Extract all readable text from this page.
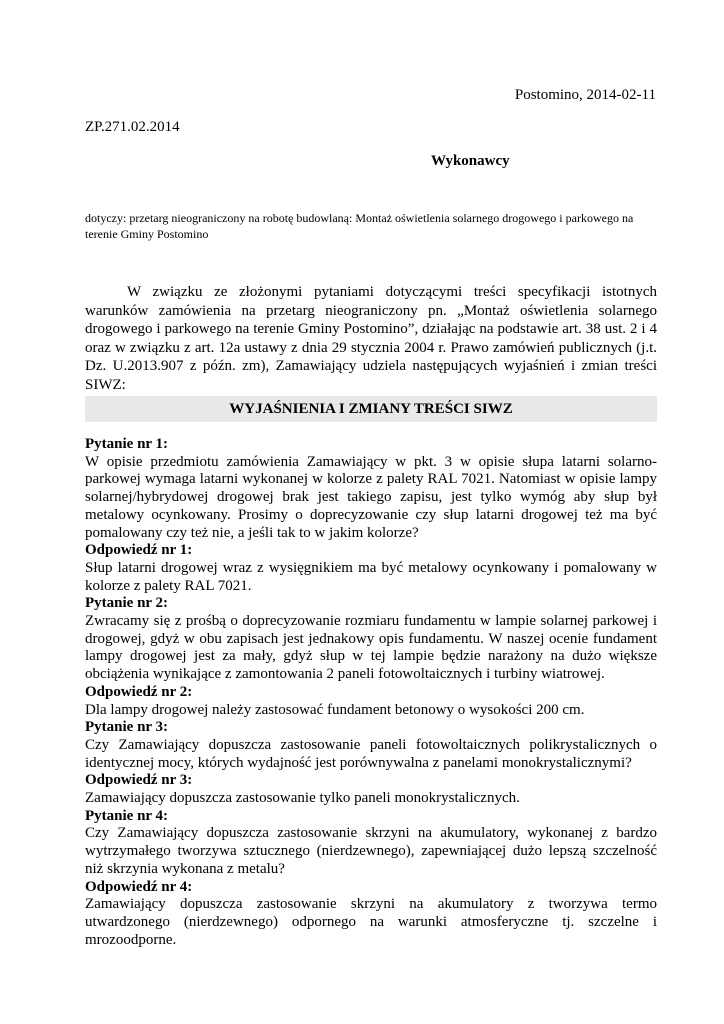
Postomino, 2014-02-11
ZP.271.02.2014
Wykonawcy
dotyczy: przetarg nieograniczony na robotę budowlaną: Montaż oświetlenia solarnego drogowego i parkowego na terenie Gminy Postomino

W związku ze złożonymi pytaniami dotyczącymi treści specyfikacji istotnych warunków zamówienia na przetarg nieograniczony pn. „Montaż oświetlenia solarnego drogowego i parkowego na terenie Gminy Postomino”, działając na podstawie art. 38 ust. 2 i 4 oraz w związku z art. 12a ustawy z dnia 29 stycznia 2004 r. Prawo zamówień publicznych (j.t. Dz. U.2013.907 z późn. zm), Zamawiający udziela następujących wyjaśnień i zmian treści SIWZ:

WYJAŚNIENIA I ZMIANY TREŚCI SIWZ
Pytanie nr 1:
W opisie przedmiotu zamówienia Zamawiający w pkt. 3 w opisie słupa latarni solarno-parkowej wymaga latarni wykonanej w kolorze z palety RAL 7021. Natomiast w opisie lampy solarnej/hybrydowej drogowej brak jest takiego zapisu, jest tylko wymóg aby słup był metalowy ocynkowany. Prosimy o doprecyzowanie czy słup latarni drogowej też ma być pomalowany czy też nie, a jeśli tak to w jakim kolorze?
Odpowiedź nr 1:
Słup latarni drogowej wraz z wysięgnikiem ma być metalowy ocynkowany i pomalowany w kolorze z palety RAL 7021.
Pytanie nr 2:
Zwracamy się z prośbą o doprecyzowanie rozmiaru fundamentu w lampie solarnej parkowej i drogowej, gdyż w obu zapisach jest jednakowy opis fundamentu. W naszej ocenie fundament lampy drogowej jest za mały, gdyż słup w tej lampie będzie narażony na dużo większe obciążenia wynikające z zamontowania 2 paneli fotowoltaicznych i turbiny wiatrowej.
Odpowiedź nr 2:
Dla lampy drogowej należy zastosować fundament betonowy o wysokości 200 cm.
Pytanie nr 3:
Czy Zamawiający dopuszcza zastosowanie paneli fotowoltaicznych polikrystalicznych o identycznej mocy, których wydajność jest porównywalna z panelami monokrystalicznymi?
Odpowiedź nr 3:
Zamawiający dopuszcza zastosowanie tylko paneli monokrystalicznych.
Pytanie nr 4:
Czy Zamawiający dopuszcza zastosowanie skrzyni na akumulatory, wykonanej z bardzo wytrzymałego tworzywa sztucznego (nierdzewnego), zapewniającej dużo lepszą szczelność niż skrzynia wykonana z metalu?
Odpowiedź nr 4:
Zamawiający dopuszcza zastosowanie skrzyni na akumulatory z tworzywa termo utwardzonego (nierdzewnego) odpornego na warunki atmosferyczne tj. szczelne i mrozoodporne.
